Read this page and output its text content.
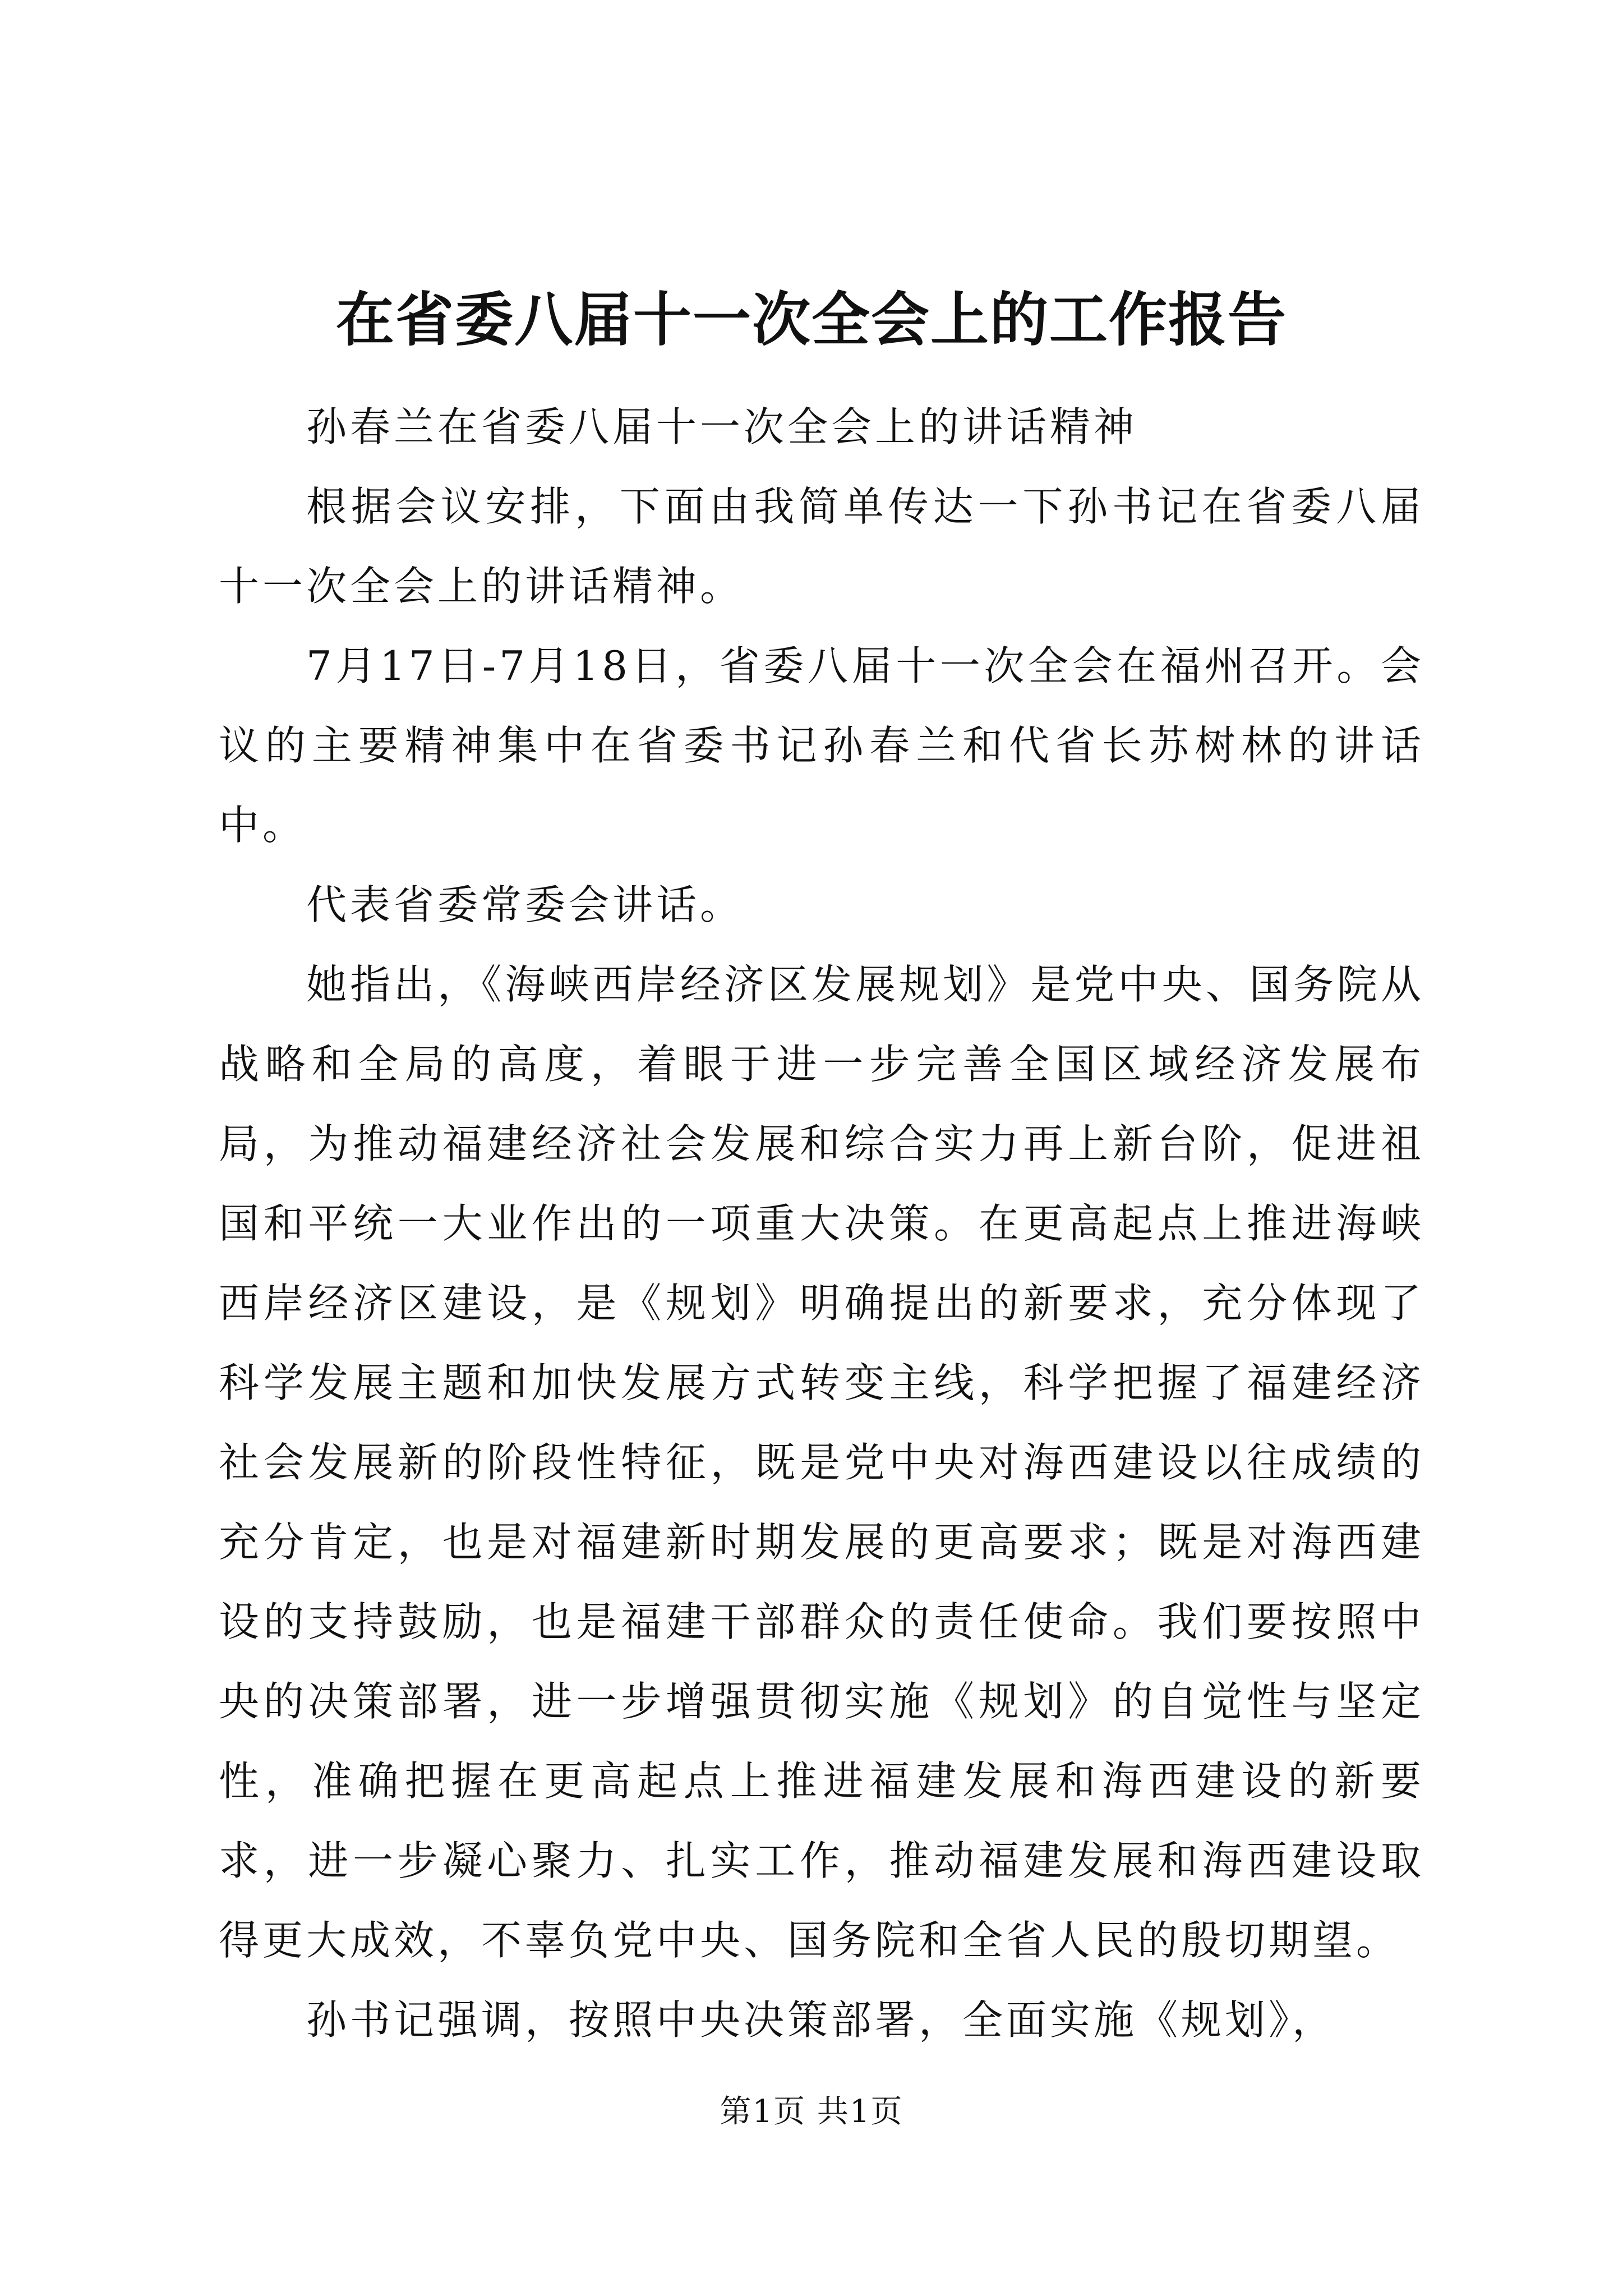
在省委八届十一次全会上的工作报告

孙春兰在省委八届十一次全会上的讲话精神

根据会议安排，下面由我简单传达一下孙书记在省委八届十一次全会上的讲话精神。

7月17日-7月18日，省委八届十一次全会在福州召开。会议的主要精神集中在省委书记孙春兰和代省长苏树林的讲话中。

代表省委常委会讲话。

她指出，《海峡西岸经济区发展规划》是党中央、国务院从战略和全局的高度，着眼于进一步完善全国区域经济发展布局，为推动福建经济社会发展和综合实力再上新台阶，促进祖国和平统一大业作出的一项重大决策。在更高起点上推进海峡西岸经济区建设，是《规划》明确提出的新要求，充分体现了科学发展主题和加快发展方式转变主线，科学把握了福建经济社会发展新的阶段性特征，既是党中央对海西建设以往成绩的充分肯定，也是对福建新时期发展的更高要求；既是对海西建设的支持鼓励，也是福建干部群众的责任使命。我们要按照中央的决策部署，进一步增强贯彻实施《规划》的自觉性与坚定性，准确把握在更高起点上推进福建发展和海西建设的新要求，进一步凝心聚力、扎实工作，推动福建发展和海西建设取得更大成效，不辜负党中央、国务院和全省人民的殷切期望。

孙书记强调，按照中央决策部署，全面实施《规划》，

第1页 共1页
